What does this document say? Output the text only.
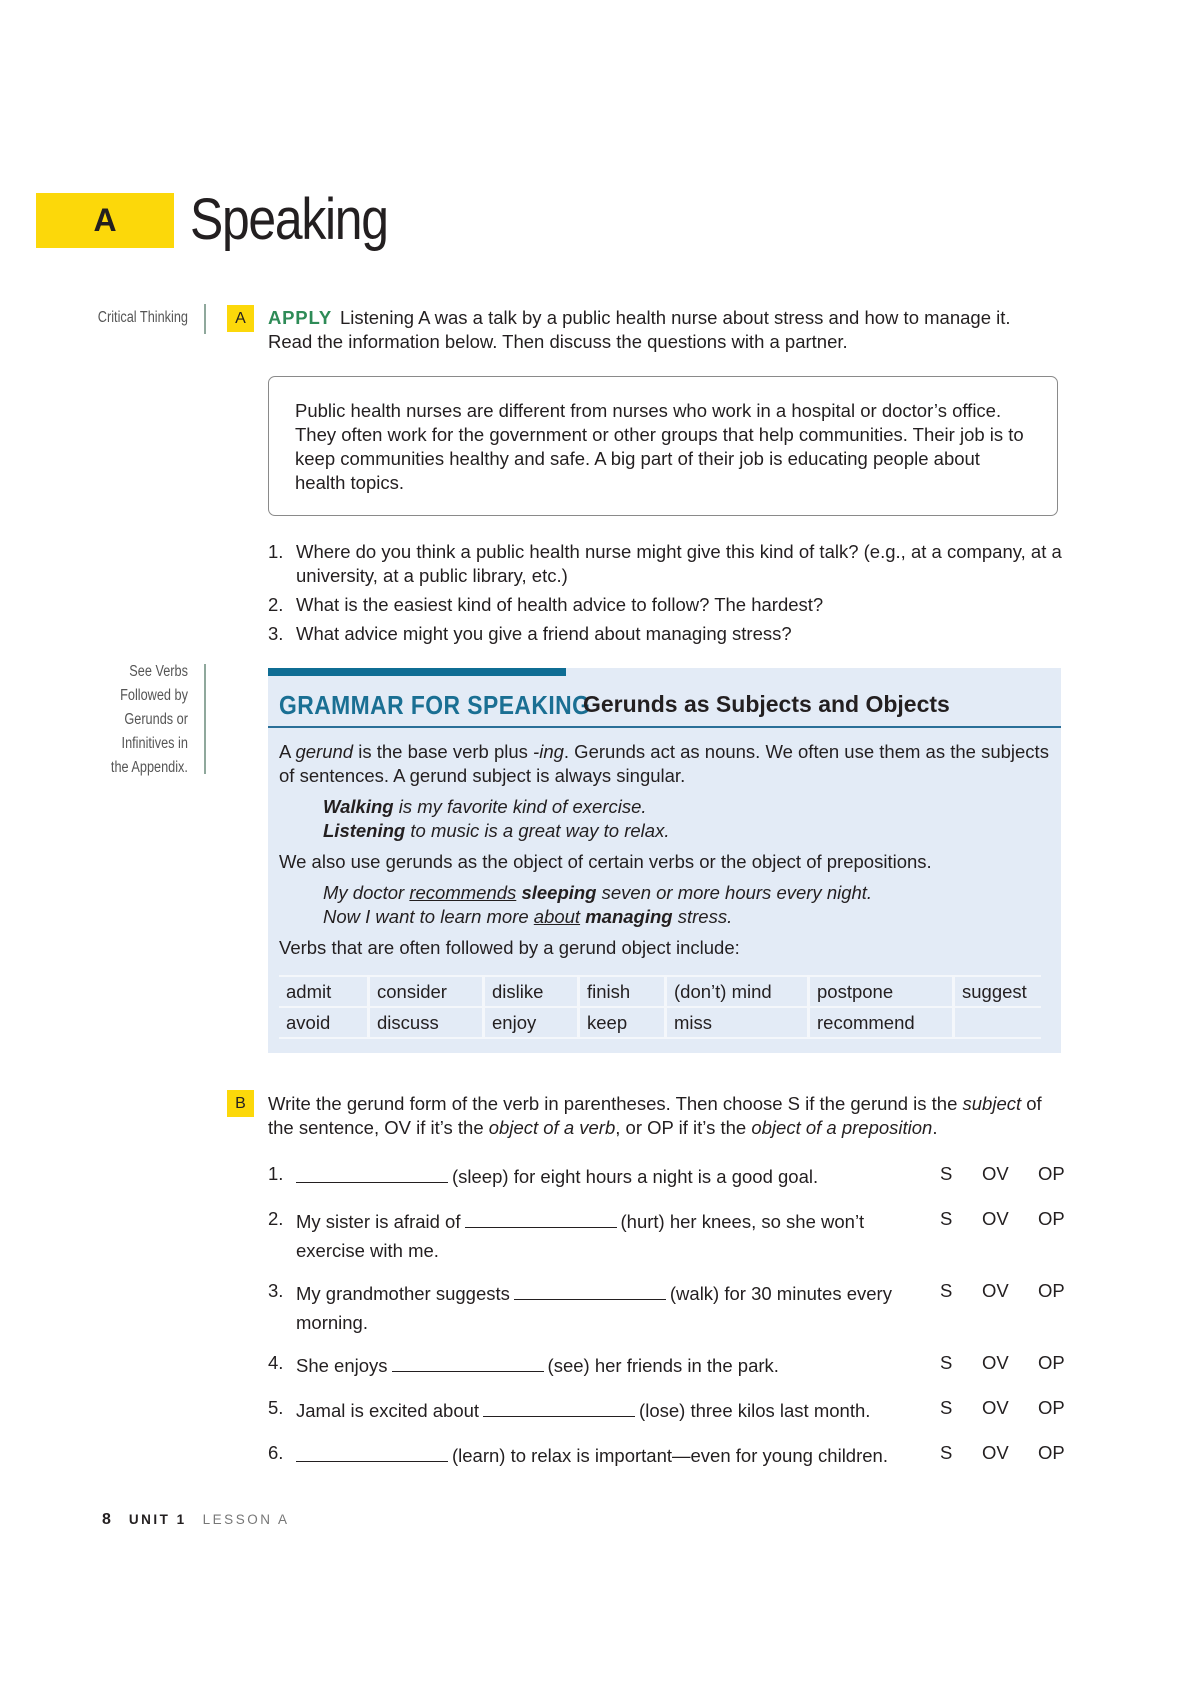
A Speaking
Critical Thinking	A	APPLY Listening A was a talk by a public health nurse about stress and how to manage it. Read the information below. Then discuss the questions with a partner.
Public health nurses are different from nurses who work in a hospital or doctor’s office. They often work for the government or other groups that help communities. Their job is to keep communities healthy and safe. A big part of their job is educating people about health topics.
1. Where do you think a public health nurse might give this kind of talk? (e.g., at a company, at a university, at a public library, etc.)
2. What is the easiest kind of health advice to follow? The hardest?
3. What advice might you give a friend about managing stress?
See Verbs
Followed by
Gerunds or
Infinitives in
the Appendix.
GRAMMAR FOR SPEAKING
Gerunds as Subjects and Objects
A gerund is the base verb plus -ing. Gerunds act as nouns. We often use them as the subjects of sentences. A gerund subject is always singular.
Walking is my favorite kind of exercise.
Listening to music is a great way to relax.
We also use gerunds as the object of certain verbs or the object of prepositions.
My doctor recommends sleeping seven or more hours every night.
Now I want to learn more about managing stress.
Verbs that are often followed by a gerund object include:
admit	consider	dislike	finish	(don’t) mind	postpone	suggest
avoid	discuss	enjoy	keep	miss	recommend	
B	Write the gerund form of the verb in parentheses. Then choose S if the gerund is the subject of the sentence, OV if it’s the object of a verb, or OP if it’s the object of a preposition.
1.	(sleep) for eight hours a night is a good goal.	S	OV	OP
2. My sister is afraid of	(hurt) her knees, so she won’t exercise with me.
S	OV	OP
3. My grandmother suggests	(walk) for 30 minutes every morning.
S	OV	OP
4. She enjoys	(see) her friends in the park.	S	OV	OP
5. Jamal is excited about	(lose) three kilos last month.	S	OV	OP
6.	(learn) to relax is important—even for young children.	S	OV	OP
8 UNIT 1 LESSON A
